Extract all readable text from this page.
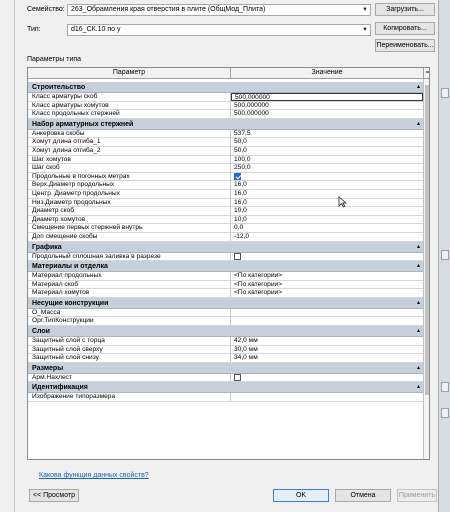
Семейство: 263_Обрамления края отверстия в плите (ОбщМод_Плита)	▼	Загрузить...
Тип:	d16_СК.10 по у	▼	Копировать...
Переименовать...
Параметры типа
Параметр	Значение	=
Строительство	▴
Класс арматуры скоб	500,000000
Класс арматуры хомутов	500,000000
Класс продольных стержней	500,000000
Набор арматурных стержней	▴
Анкеровка скобы	537,5
Хомут длина отгиба_1	50,0
Хомут длина отгиба_2	50,0
Шаг хомутов	100,0
Шаг скоб	250,0
Продольные в погонных метрах
Верх.Диаметр продольных	16,0
Центр. Диаметр продольных	16,0
Низ.Диаметр продольных	16,0
Диаметр скоб	10,0
Диаметр хомутов	10,0
Смещение первых стержней внутрь	0,0
Доп смещение скобы	-12,0
Графика	▴
Продольный сплошная заливка в разрезе
Материалы и отделка	▴
Материал продольных	<По категории>
Материал скоб	<По категории>
Материал хомутов	<По категории>
Несущие конструкции	▴
О_Масса
Орг.ТипКонструкции
Слои	▴
Защитный слой с торца	42,0 мм
Защитный слой сверху	30,0 мм
Защитный слой снизу	34,0 мм
Размеры	▴
Арм.Нахлест
Идентификация	▴
Изображение типоразмера
Какова функция данных свойств?
<< Просмотр	OK	Отмена	Применить
